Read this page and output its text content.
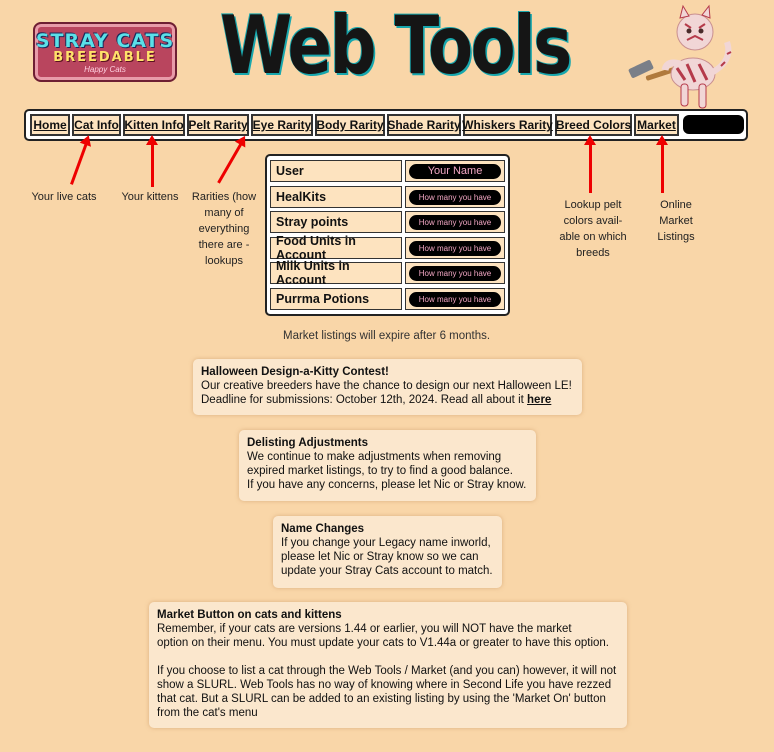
STRAY CATS
BREEDABLE
Happy Cats Web Tools
Home Cat Info Kitten Info Pelt Rarity Eye Rarity Body Rarity Shade Rarity Whiskers Rarity Breed Colors Market
Your live cats	Your kittens	Rarities (how
many of
everything
there are -
lookups
Lookup pelt
colors avail-
able on which
breeds
Online
Market
Listings
User	Your Name
HealKits	How many you have
Stray points	How many you have
Food Units in Account	How many you have
Milk Units in Account	How many you have
Purrma Potions	How many you have
Market listings will expire after 6 months.
Halloween Design-a-Kitty Contest!
Our creative breeders have the chance to design our next Halloween LE!
Deadline for submissions: October 12th, 2024. Read all about it here
Delisting Adjustments
We continue to make adjustments when removing
expired market listings, to try to find a good balance.
If you have any concerns, please let Nic or Stray know.
Name Changes
If you change your Legacy name inworld,
please let Nic or Stray know so we can
update your Stray Cats account to match.
Market Button on cats and kittens
Remember, if your cats are versions 1.44 or earlier, you will NOT have the market
option on their menu. You must update your cats to V1.44a or greater to have this option.
If you choose to list a cat through the Web Tools / Market (and you can) however, it will not
show a SLURL. Web Tools has no way of knowing where in Second Life you have rezzed
that cat. But a SLURL can be added to an existing listing by using the 'Market On' button
from the cat's menu
